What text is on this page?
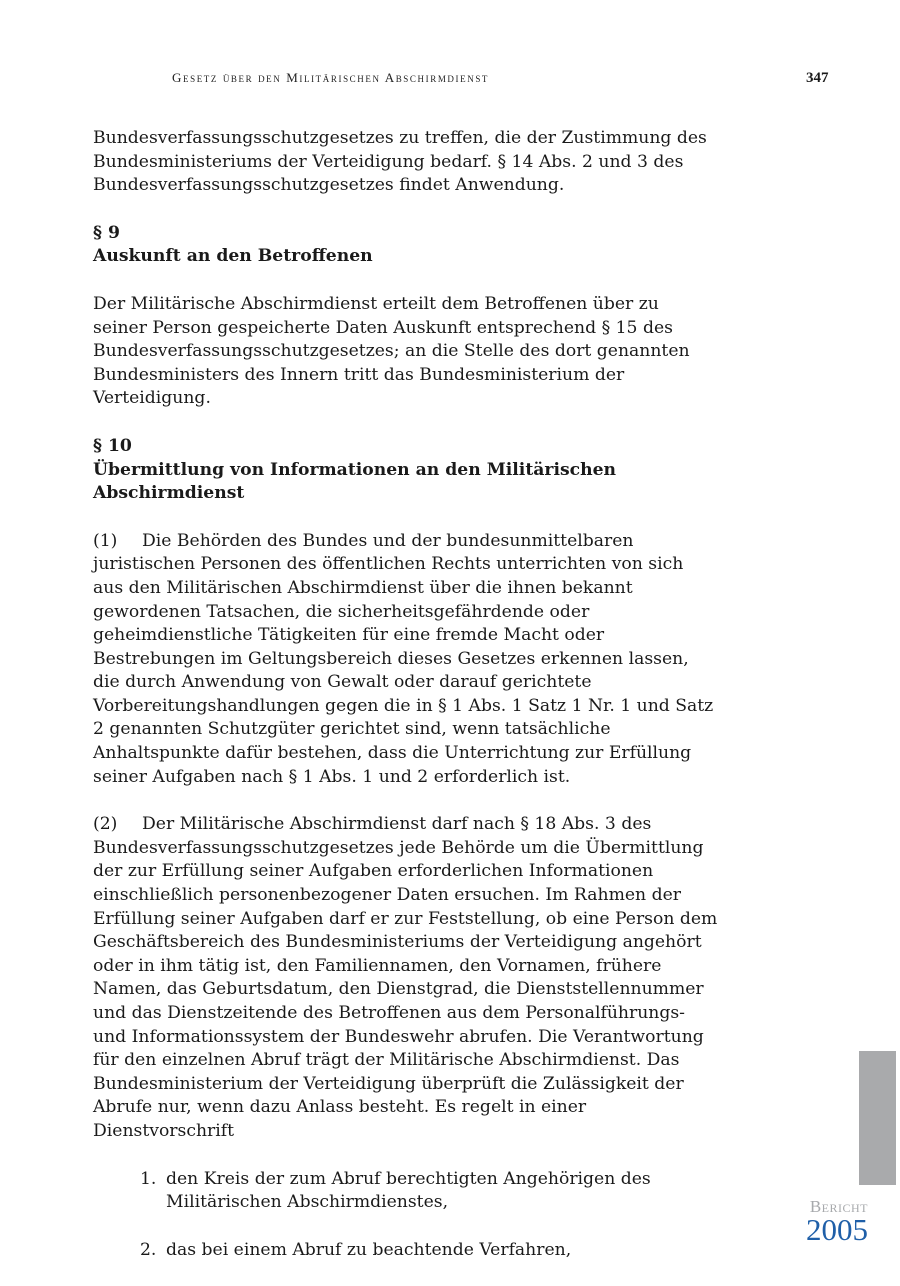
Gesetz über den Militärischen Abschirmdienst	347

Bundesverfassungsschutzgesetzes zu treffen, die der Zustimmung des Bundesministeriums der Verteidigung bedarf. § 14 Abs. 2 und 3 des Bundesverfassungsschutzgesetzes findet Anwendung.

§ 9
Auskunft an den Betroffenen

Der Militärische Abschirmdienst erteilt dem Betroffenen über zu seiner Person gespeicherte Daten Auskunft entsprechend § 15 des Bundesverfassungsschutzgesetzes; an die Stelle des dort genannten Bundesministers des Innern tritt das Bundesministerium der Verteidigung.

§ 10
Übermittlung von Informationen an den Militärischen Abschirmdienst

(1) Die Behörden des Bundes und der bundesunmittelbaren juristischen Personen des öffentlichen Rechts unterrichten von sich aus den Militärischen Abschirmdienst über die ihnen bekannt gewordenen Tatsachen, die sicherheitsgefährdende oder geheimdienstliche Tätigkeiten für eine fremde Macht oder Bestrebungen im Geltungsbereich dieses Gesetzes erkennen lassen, die durch Anwendung von Gewalt oder darauf gerichtete Vorbereitungshandlungen gegen die in § 1 Abs. 1 Satz 1 Nr. 1 und Satz 2 genannten Schutzgüter gerichtet sind, wenn tatsächliche Anhaltspunkte dafür bestehen, dass die Unterrichtung zur Erfüllung seiner Aufgaben nach § 1 Abs. 1 und 2 erforderlich ist.

(2) Der Militärische Abschirmdienst darf nach § 18 Abs. 3 des Bundesverfassungsschutzgesetzes jede Behörde um die Übermittlung der zur Erfüllung seiner Aufgaben erforderlichen Informationen einschließlich personenbezogener Daten ersuchen. Im Rahmen der Erfüllung seiner Aufgaben darf er zur Feststellung, ob eine Person dem Geschäftsbereich des Bundesministeriums der Verteidigung angehört oder in ihm tätig ist, den Familiennamen, den Vornamen, frühere Namen, das Geburtsdatum, den Dienstgrad, die Dienststellennummer und das Dienstzeitende des Betroffenen aus dem Personalführungs- und Informationssystem der Bundeswehr abrufen. Die Verantwortung für den einzelnen Abruf trägt der Militärische Abschirmdienst. Das Bundesministerium der Verteidigung überprüft die Zulässigkeit der Abrufe nur, wenn dazu Anlass besteht. Es regelt in einer Dienstvorschrift

1. den Kreis der zum Abruf berechtigten Angehörigen des Militärischen Abschirmdienstes,
2. das bei einem Abruf zu beachtende Verfahren,
Bericht
2005
